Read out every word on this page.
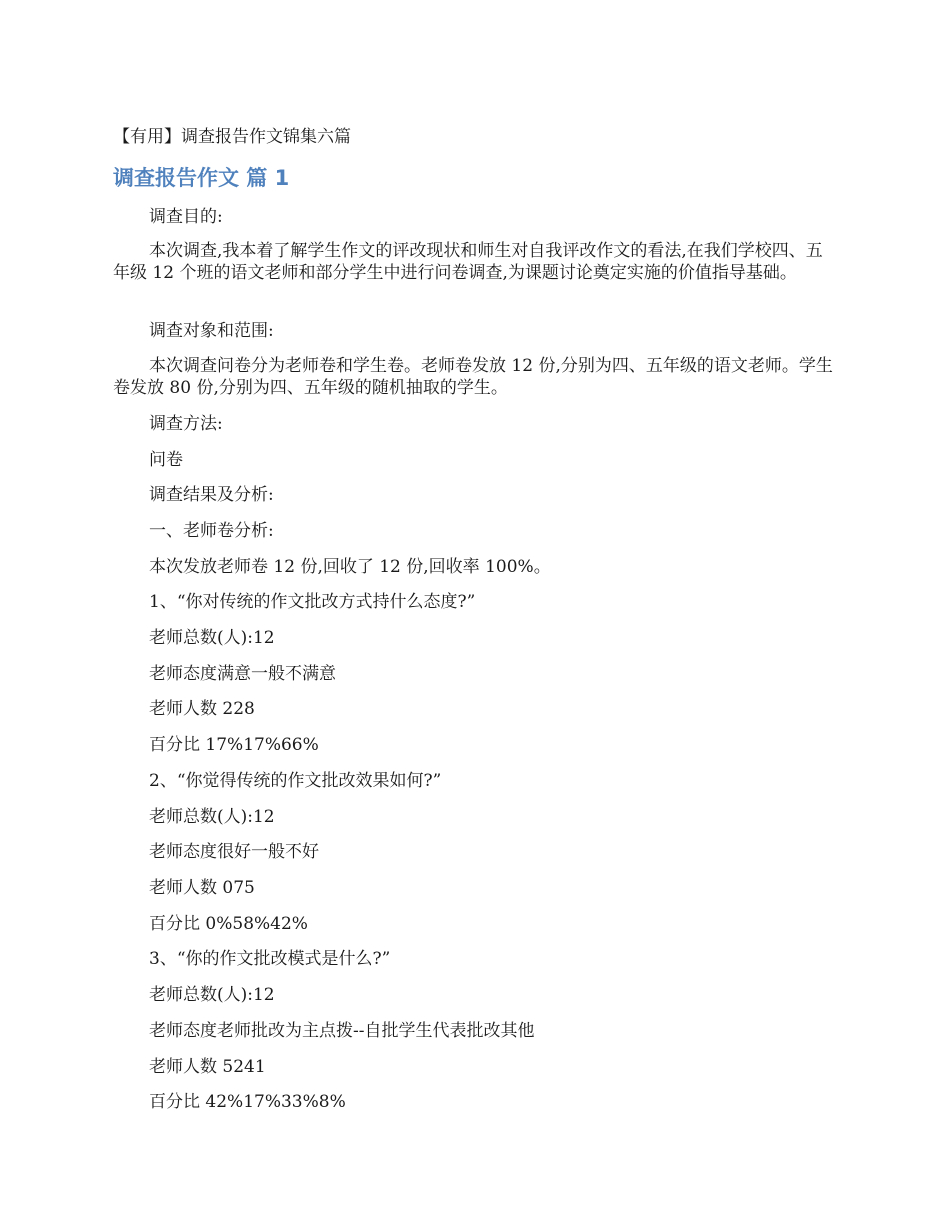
【有用】调查报告作文锦集六篇
调查报告作文 篇 1
调查目的:
本次调查,我本着了解学生作文的评改现状和师生对自我评改作文的看法,在我们学校四、五年级 12 个班的语文老师和部分学生中进行问卷调查,为课题讨论奠定实施的价值指导基础。
调查对象和范围:
本次调查问卷分为老师卷和学生卷。老师卷发放 12 份,分别为四、五年级的语文老师。学生卷发放 80 份,分别为四、五年级的随机抽取的学生。
调查方法:
问卷
调查结果及分析:
一、老师卷分析:
本次发放老师卷 12 份,回收了 12 份,回收率 100%。
1、“你对传统的作文批改方式持什么态度?”
老师总数(人):12
老师态度满意一般不满意
老师人数 228
百分比 17%17%66%
2、“你觉得传统的作文批改效果如何?”
老师总数(人):12
老师态度很好一般不好
老师人数 075
百分比 0%58%42%
3、“你的作文批改模式是什么?”
老师总数(人):12
老师态度老师批改为主点拨--自批学生代表批改其他
老师人数 5241
百分比 42%17%33%8%
